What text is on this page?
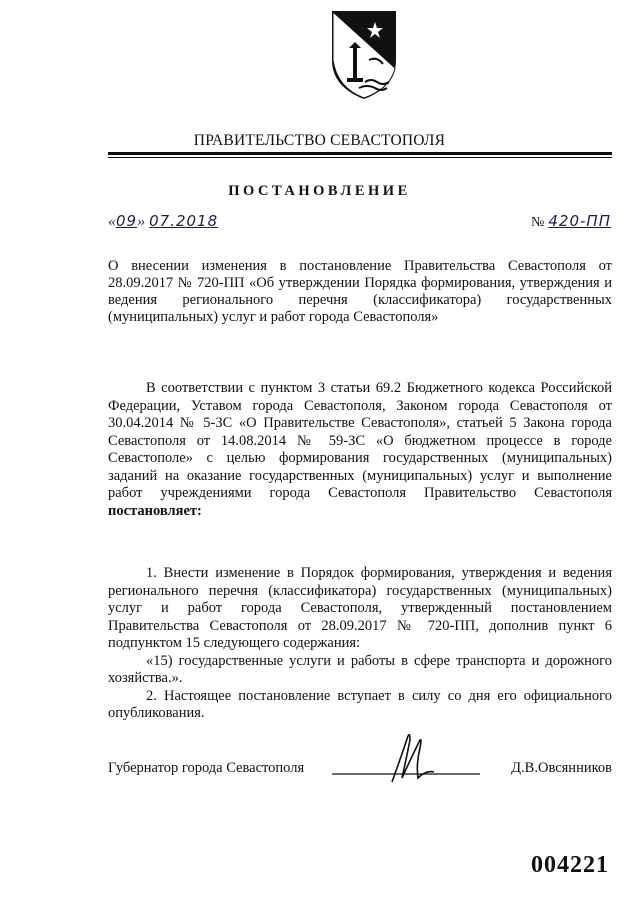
ПРАВИТЕЛЬСТВО СЕВАСТОПОЛЯ
ПОСТАНОВЛЕНИЕ
«09» 07.2018	№ 420-ПП
О внесении изменения в постановление Правительства Севастополя от 28.09.2017 № 720-ПП «Об утверждении Порядка формирования, утверждения и ведения регионального перечня (классификатора) государственных (муниципальных) услуг и работ города Севастополя»
В соответствии с пунктом 3 статьи 69.2 Бюджетного кодекса Российской Федерации, Уставом города Севастополя, Законом города Севастополя от 30.04.2014 № 5-ЗС «О Правительстве Севастополя», статьей 5 Закона города Севастополя от 14.08.2014 № 59-ЗС «О бюджетном процессе в городе Севастополе» с целью формирования государственных (муниципальных) заданий на оказание государственных (муниципальных) услуг и выполнение работ учреждениями города Севастополя Правительство Севастополя постановляет:

1. Внести изменение в Порядок формирования, утверждения и ведения регионального перечня (классификатора) государственных (муниципальных) услуг и работ города Севастополя, утвержденный постановлением Правительства Севастополя от 28.09.2017 № 720-ПП, дополнив пункт 6 подпунктом 15 следующего содержания:

«15) государственные услуги и работы в сфере транспорта и дорожного хозяйства.».

2. Настоящее постановление вступает в силу со дня его официального опубликования.

Губернатор города Севастополя	Д.В.Овсянников
004221
